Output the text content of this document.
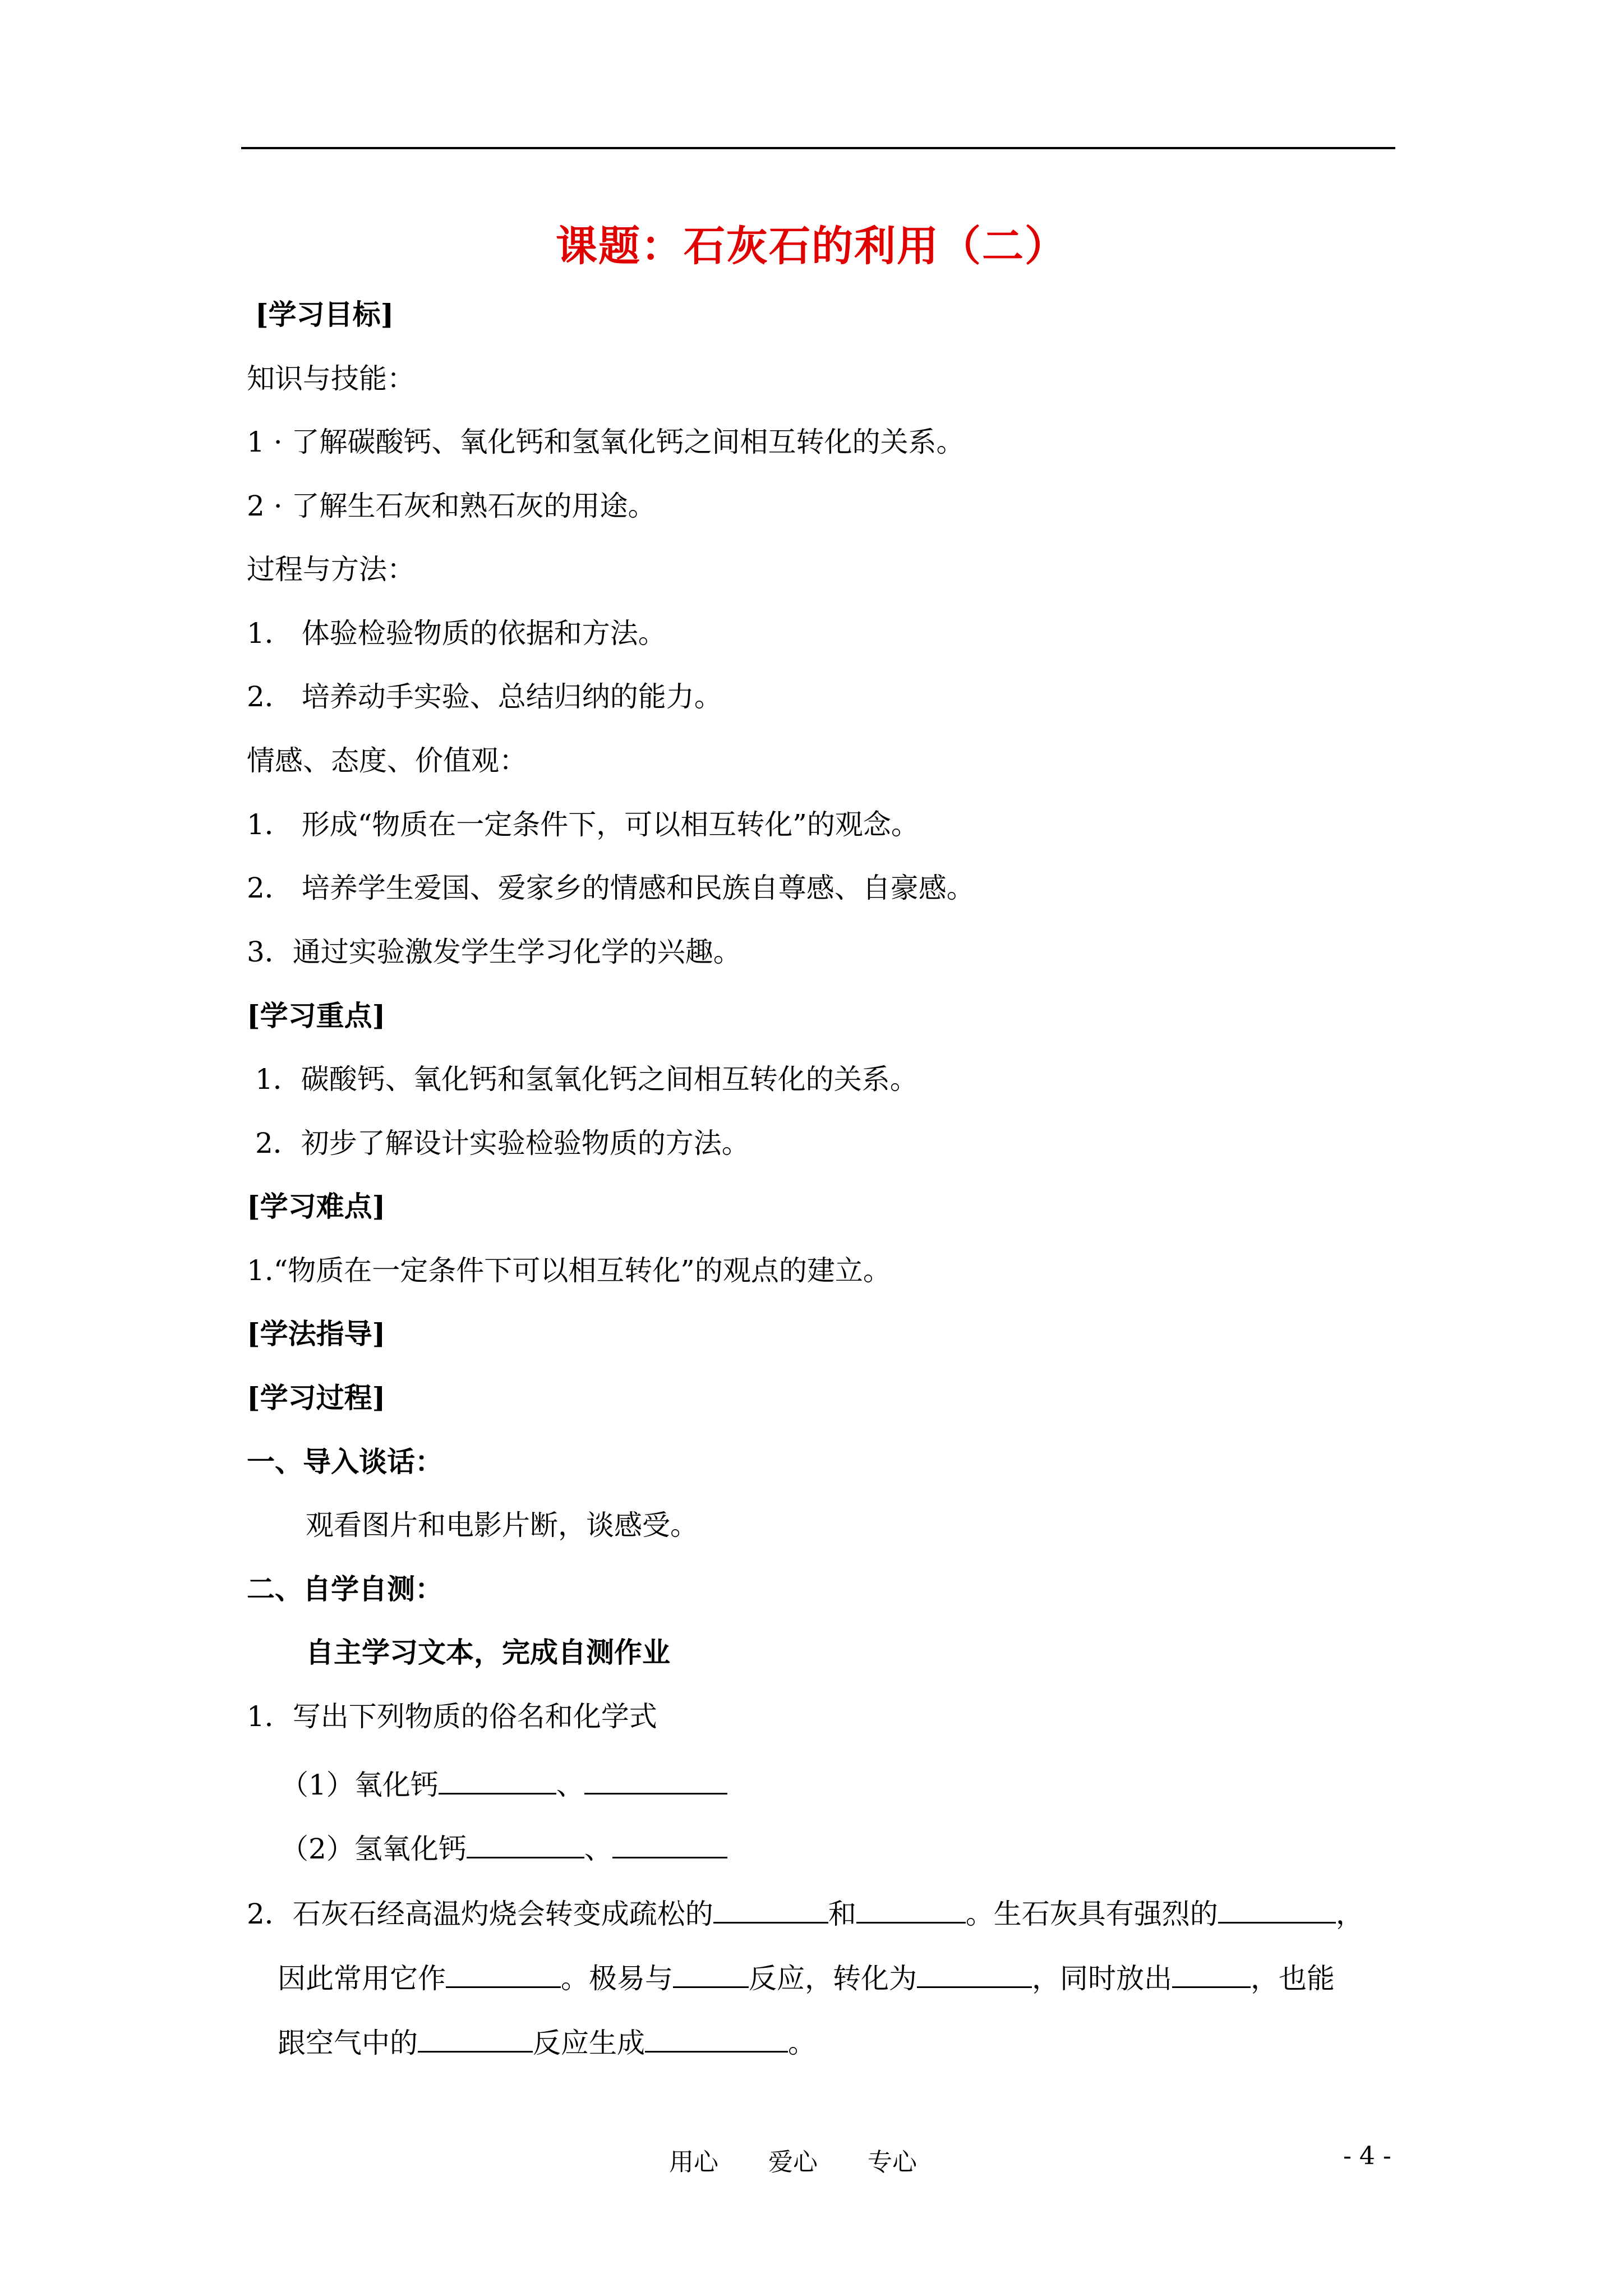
课题：石灰石的利用（二）
[学习目标]
知识与技能：
1 · 了解碳酸钙、氧化钙和氢氧化钙之间相互转化的关系。
2 · 了解生石灰和熟石灰的用途。
过程与方法：
1． 体验检验物质的依据和方法。
2． 培养动手实验、总结归纳的能力。
情感、态度、价值观：
1． 形成“物质在一定条件下，可以相互转化”的观念。
2． 培养学生爱国、爱家乡的情感和民族自尊感、自豪感。
3．通过实验激发学生学习化学的兴趣。
[学习重点]
1．碳酸钙、氧化钙和氢氧化钙之间相互转化的关系。
2．初步了解设计实验检验物质的方法。
[学习难点]
1.“物质在一定条件下可以相互转化”的观点的建立。
[学法指导]
[学习过程]
一、导入谈话：
观看图片和电影片断，谈感受。
二、自学自测：
自主学习文本，完成自测作业
1．写出下列物质的俗名和化学式
（1）氧化钙	、
（2）氢氧化钙	、
2．石灰石经高温灼烧会转变成疏松的	和	。生石灰具有强烈的	，
因此常用它作	。极易与	反应，转化为	，同时放出	，也能
跟空气中的	反应生成	。
用心 爱心 专心	- 4 -
